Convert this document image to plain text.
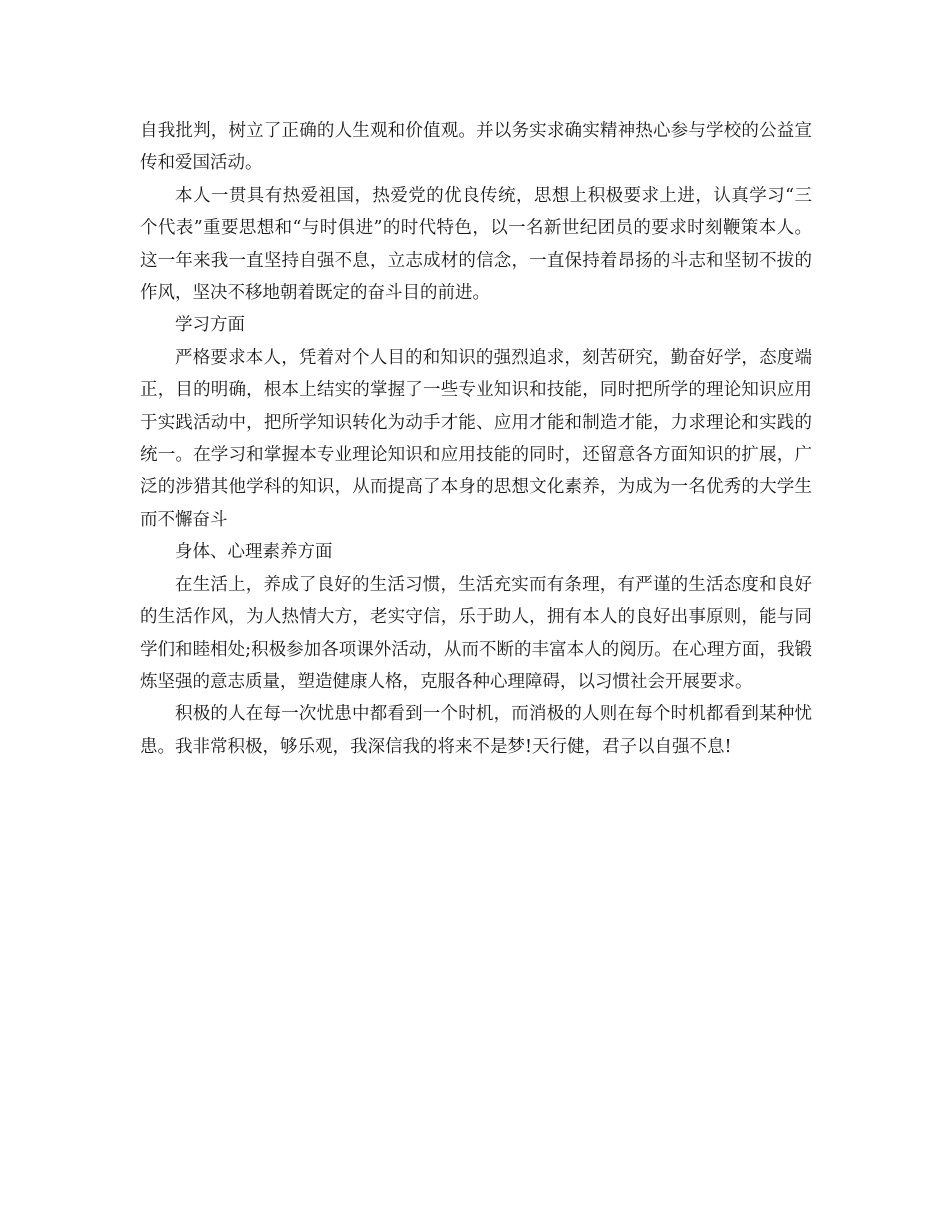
自我批判，树立了正确的人生观和价值观。并以务实求确实精神热心参与学校的公益宣传和爱国活动。

本人一贯具有热爱祖国，热爱党的优良传统，思想上积极要求上进，认真学习“三个代表”重要思想和“与时俱进”的时代特色，以一名新世纪团员的要求时刻鞭策本人。这一年来我一直坚持自强不息，立志成材的信念，一直保持着昂扬的斗志和坚韧不拔的作风，坚决不移地朝着既定的奋斗目的前进。

学习方面

严格要求本人，凭着对个人目的和知识的强烈追求，刻苦研究，勤奋好学，态度端正，目的明确，根本上结实的掌握了一些专业知识和技能，同时把所学的理论知识应用于实践活动中，把所学知识转化为动手才能、应用才能和制造才能，力求理论和实践的统一。在学习和掌握本专业理论知识和应用技能的同时，还留意各方面知识的扩展，广泛的涉猎其他学科的知识，从而提高了本身的思想文化素养，为成为一名优秀的大学生而不懈奋斗

身体、心理素养方面

在生活上，养成了良好的生活习惯，生活充实而有条理，有严谨的生活态度和良好的生活作风，为人热情大方，老实守信，乐于助人，拥有本人的良好出事原则，能与同学们和睦相处;积极参加各项课外活动，从而不断的丰富本人的阅历。在心理方面，我锻炼坚强的意志质量，塑造健康人格，克服各种心理障碍，以习惯社会开展要求。

积极的人在每一次忧患中都看到一个时机，而消极的人则在每个时机都看到某种忧患。我非常积极，够乐观，我深信我的将来不是梦!天行健，君子以自强不息!
